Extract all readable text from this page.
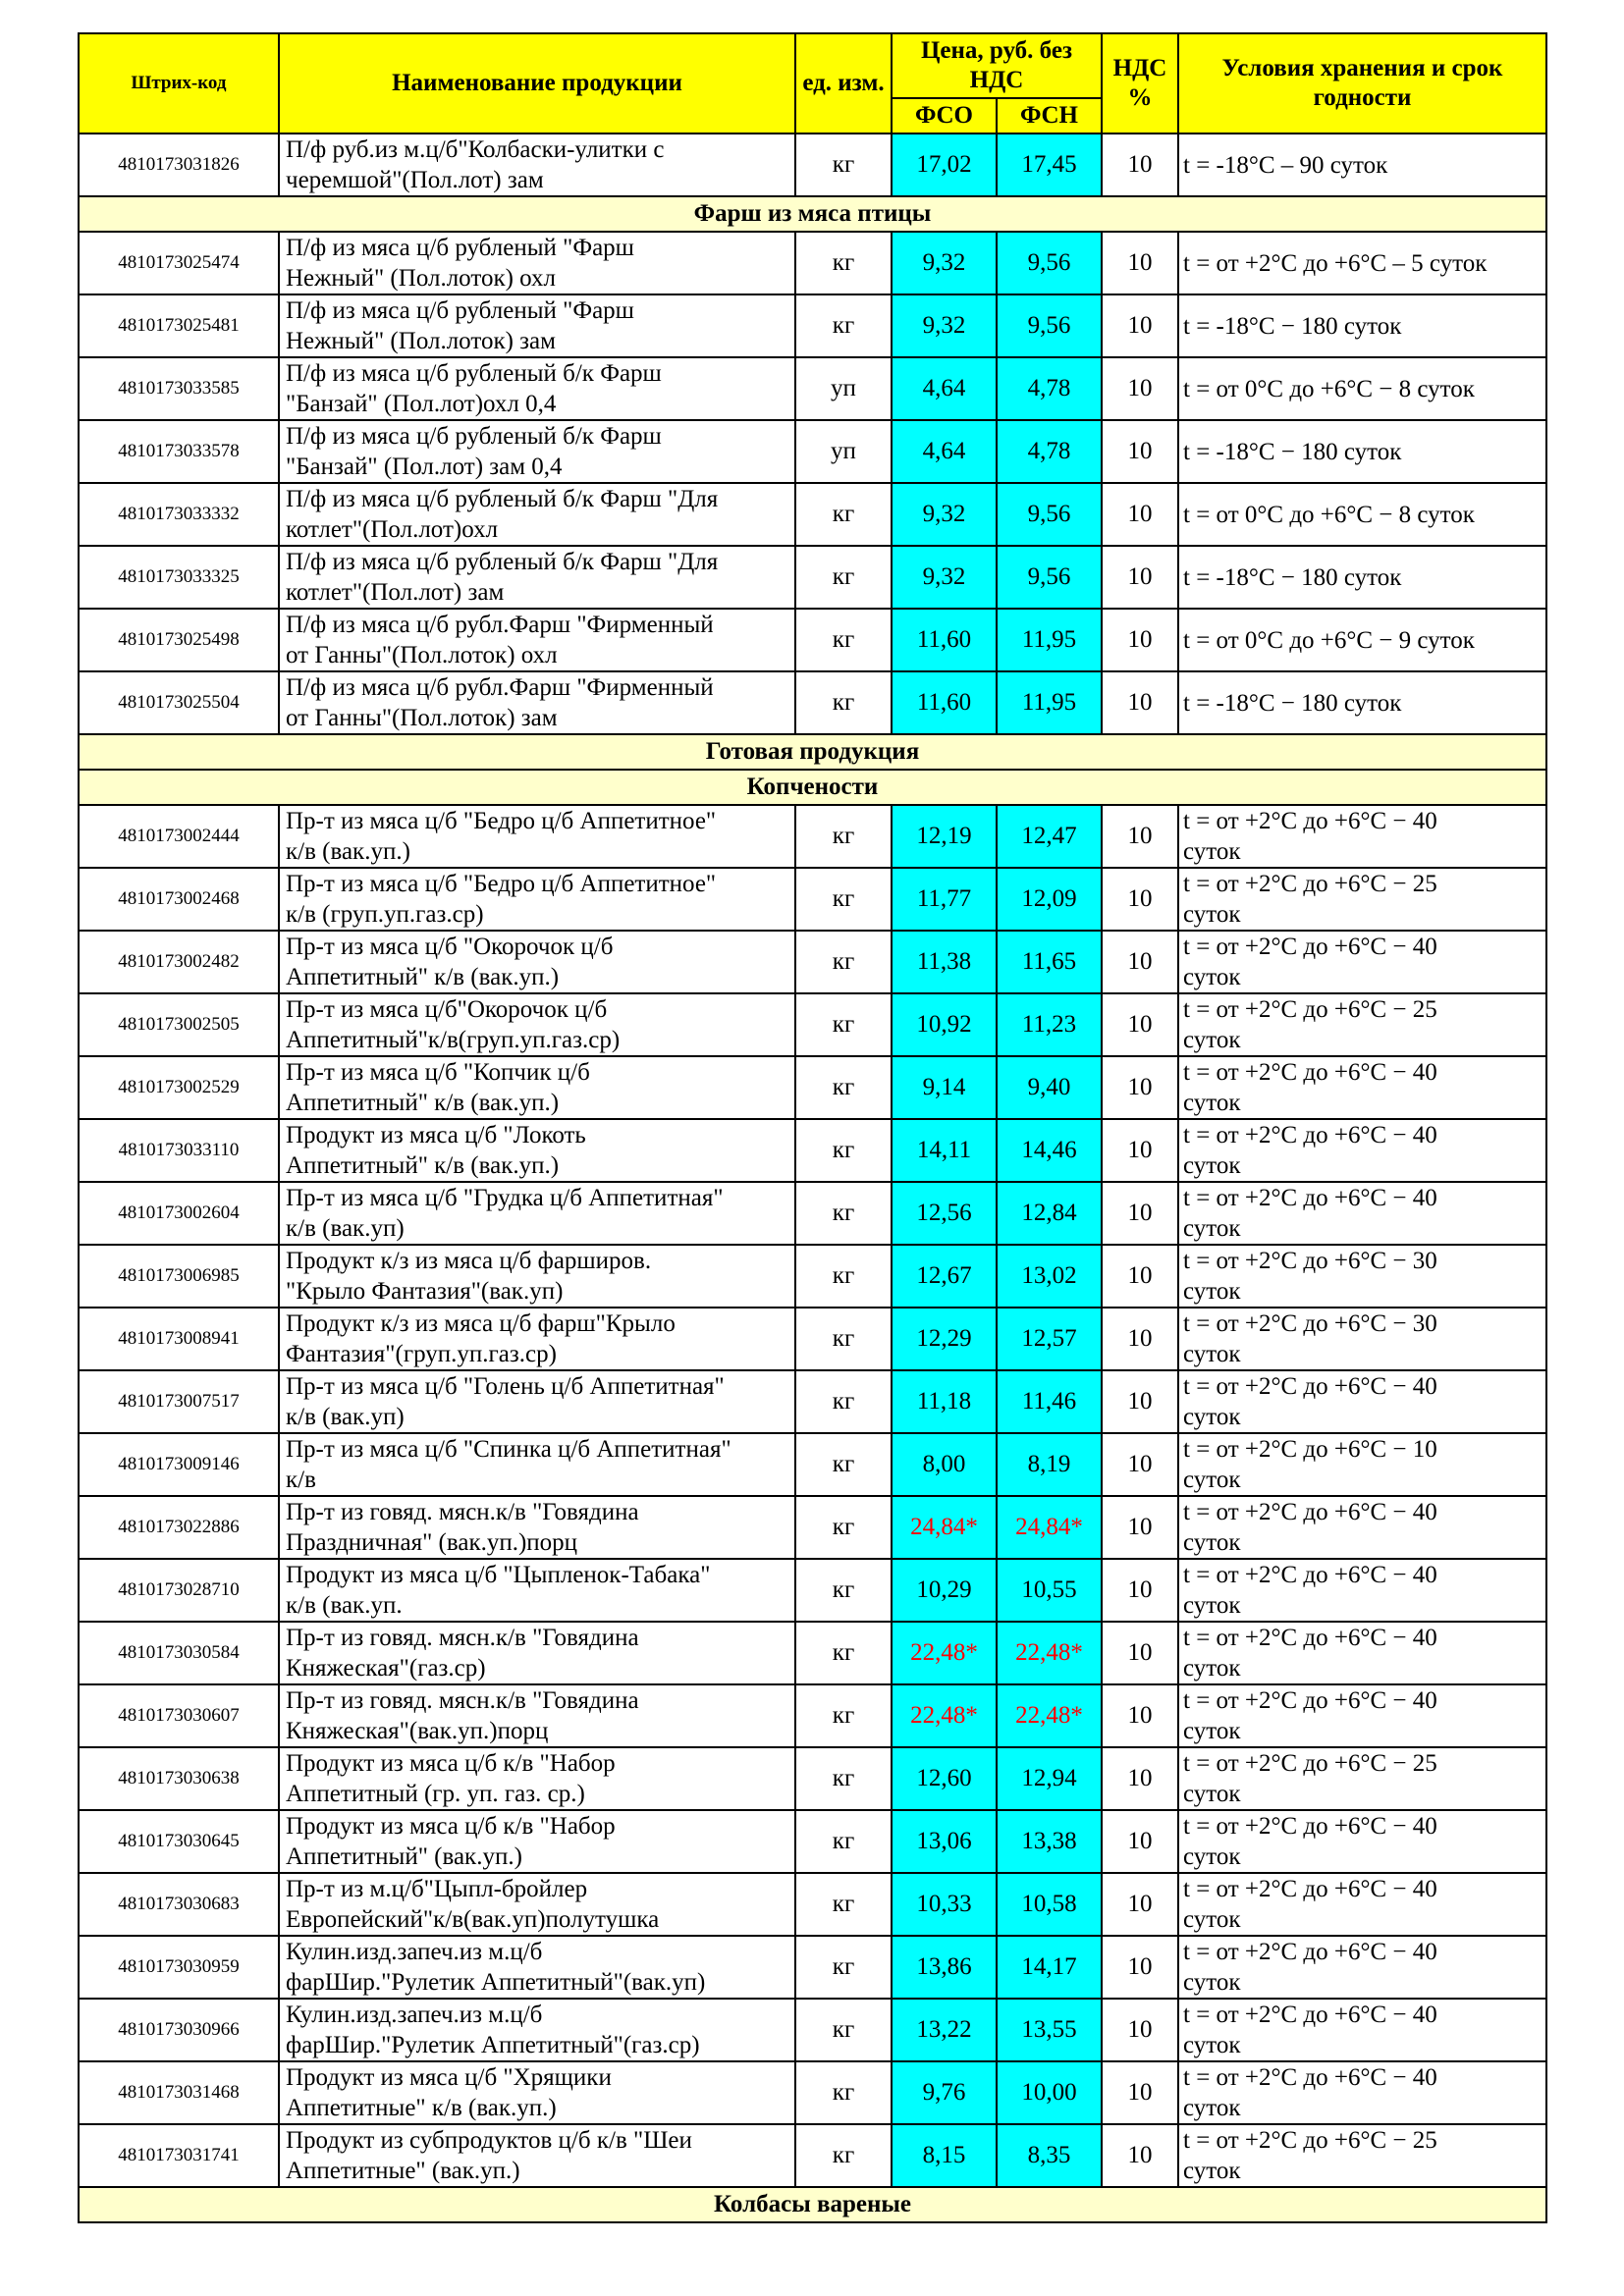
Штрих-код	Наименование продукции	ед. изм.	Цена, руб. без НДС		НДС %	Условия хранения и срок годности
			ФСО	ФСН		
4810173031826	П/ф руб.из м.ц/б"Колбаски-улитки с
черемшой"(Пол.лот) зам	кг	17,02	17,45	10	t = -18°C – 90 суток

Фарш из мяса птицы						
4810173025474	П/ф из мяса ц/б рубленый "Фарш
Нежный" (Пол.лоток) охл	кг	9,32	9,56	10	t = от +2°C до +6°C – 5 суток

4810173025481	П/ф из мяса ц/б рубленый "Фарш
Нежный" (Пол.лоток) зам	кг	9,32	9,56	10	t = -18°C − 180 суток

4810173033585	П/ф из мяса ц/б рубленый б/к Фарш
"Банзай" (Пол.лот)охл 0,4	уп	4,64	4,78	10	t = от 0°C до +6°C − 8 суток

4810173033578	П/ф из мяса ц/б рубленый б/к Фарш
"Банзай" (Пол.лот) зам 0,4	уп	4,64	4,78	10	t = -18°C − 180 суток

4810173033332	П/ф из мяса ц/б рубленый б/к Фарш "Для
котлет"(Пол.лот)охл	кг	9,32	9,56	10	t = от 0°C до +6°C − 8 суток

4810173033325	П/ф из мяса ц/б рубленый б/к Фарш "Для
котлет"(Пол.лот) зам	кг	9,32	9,56	10	t = -18°C − 180 суток

4810173025498	П/ф из мяса ц/б рубл.Фарш "Фирменный
от Ганны"(Пол.лоток) охл	кг	11,60	11,95	10	t = от 0°C до +6°C − 9 суток

4810173025504	П/ф из мяса ц/б рубл.Фарш "Фирменный
от Ганны"(Пол.лоток) зам	кг	11,60	11,95	10	t = -18°C − 180 суток

Готовая продукция						
Копчености						
4810173002444	Пр-т из мяса ц/б "Бедро ц/б Аппетитное"
к/в (вак.уп.)	кг	12,19	12,47	10	t = от +2°C до +6°C − 40
суток

4810173002468	Пр-т из мяса ц/б "Бедро ц/б Аппетитное"
к/в (груп.уп.газ.ср)	кг	11,77	12,09	10	t = от +2°C до +6°C − 25
суток

4810173002482	Пр-т из мяса ц/б "Окорочок ц/б
Аппетитный" к/в (вак.уп.)	кг	11,38	11,65	10	t = от +2°C до +6°C − 40
суток

4810173002505	Пр-т из мяса ц/б"Окорочок ц/б
Аппетитный"к/в(груп.уп.газ.ср)	кг	10,92	11,23	10	t = от +2°C до +6°C − 25
суток

4810173002529	Пр-т из мяса ц/б "Копчик ц/б
Аппетитный" к/в (вак.уп.)	кг	9,14	9,40	10	t = от +2°C до +6°C − 40
суток

4810173033110	Продукт из мяса ц/б "Локоть
Аппетитный" к/в (вак.уп.)	кг	14,11	14,46	10	t = от +2°C до +6°C − 40
суток

4810173002604	Пр-т из мяса ц/б "Грудка ц/б Аппетитная"
к/в (вак.уп)	кг	12,56	12,84	10	t = от +2°C до +6°C − 40
суток

4810173006985	Продукт к/з из мяса ц/б фарширов.
"Крыло Фантазия"(вак.уп)	кг	12,67	13,02	10	t = от +2°C до +6°C − 30
суток

4810173008941	Продукт к/з из мяса ц/б фарш"Крыло
Фантазия"(груп.уп.газ.ср)	кг	12,29	12,57	10	t = от +2°C до +6°C − 30
суток

4810173007517	Пр-т из мяса ц/б "Голень ц/б Аппетитная"
к/в (вак.уп)	кг	11,18	11,46	10	t = от +2°C до +6°C − 40
суток

4810173009146	Пр-т из мяса ц/б "Спинка ц/б Аппетитная"
к/в	кг	8,00	8,19	10	t = от +2°C до +6°C − 10
суток

4810173022886	Пр-т из говяд. мясн.к/в "Говядина
Праздничная" (вак.уп.)порц	кг	24,84*	24,84*	10	t = от +2°C до +6°C − 40
суток

4810173028710	Продукт из мяса ц/б "Цыпленок-Табака"
к/в (вак.уп.	кг	10,29	10,55	10	t = от +2°C до +6°C − 40
суток

4810173030584	Пр-т из говяд. мясн.к/в "Говядина
Княжеская"(газ.ср)	кг	22,48*	22,48*	10	t = от +2°C до +6°C − 40
суток

4810173030607	Пр-т из говяд. мясн.к/в "Говядина
Княжеская"(вак.уп.)порц	кг	22,48*	22,48*	10	t = от +2°C до +6°C − 40
суток

4810173030638	Продукт из мяса ц/б к/в "Набор
Аппетитный (гр. уп. газ. ср.)	кг	12,60	12,94	10	t = от +2°C до +6°C − 25
суток

4810173030645	Продукт из мяса ц/б к/в "Набор
Аппетитный" (вак.уп.)	кг	13,06	13,38	10	t = от +2°C до +6°C − 40
суток

4810173030683	Пр-т из м.ц/б"Цыпл-бройлер
Европейский"к/в(вак.уп)полутушка	кг	10,33	10,58	10	t = от +2°C до +6°C − 40
суток

4810173030959	Кулин.изд.запеч.из м.ц/б
фарШир."Рулетик Аппетитный"(вак.уп)	кг	13,86	14,17	10	t = от +2°C до +6°C − 40
суток

4810173030966	Кулин.изд.запеч.из м.ц/б
фарШир."Рулетик Аппетитный"(газ.ср)	кг	13,22	13,55	10	t = от +2°C до +6°C − 40
суток

4810173031468	Продукт из мяса ц/б "Хрящики
Аппетитные" к/в (вак.уп.)	кг	9,76	10,00	10	t = от +2°C до +6°C − 40
суток

4810173031741	Продукт из субпродуктов ц/б к/в "Шеи
Аппетитные" (вак.уп.)	кг	8,15	8,35	10	t = от +2°C до +6°C − 25
суток

Колбасы вареные						
